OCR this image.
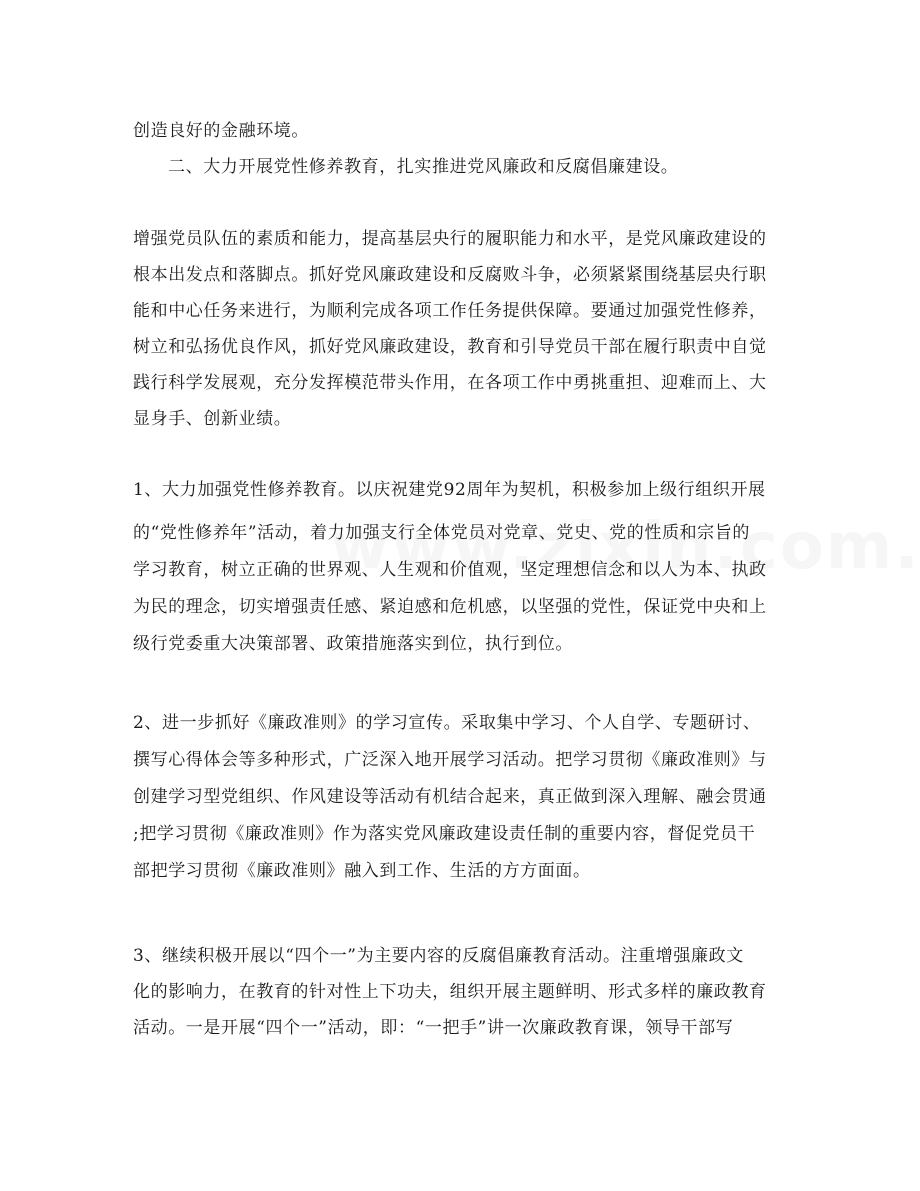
创造良好的金融环境。

二、大力开展党性修养教育，扎实推进党风廉政和反腐倡廉建设。

增强党员队伍的素质和能力，提高基层央行的履职能力和水平，是党风廉政建设的
根本出发点和落脚点。抓好党风廉政建设和反腐败斗争，必须紧紧围绕基层央行职
能和中心任务来进行，为顺利完成各项工作任务提供保障。要通过加强党性修养，
树立和弘扬优良作风，抓好党风廉政建设，教育和引导党员干部在履行职责中自觉
践行科学发展观，充分发挥模范带头作用，在各项工作中勇挑重担、迎难而上、大
显身手、创新业绩。

1、大力加强党性修养教育。以庆祝建党92周年为契机，积极参加上级行组织开展
的“党性修养年”活动，着力加强支行全体党员对党章、党史、党的性质和宗旨的
学习教育，树立正确的世界观、人生观和价值观，坚定理想信念和以人为本、执政
为民的理念，切实增强责任感、紧迫感和危机感，以坚强的党性，保证党中央和上
级行党委重大决策部署、政策措施落实到位，执行到位。

2、进一步抓好《廉政准则》的学习宣传。采取集中学习、个人自学、专题研讨、
撰写心得体会等多种形式，广泛深入地开展学习活动。把学习贯彻《廉政准则》与
创建学习型党组织、作风建设等活动有机结合起来，真正做到深入理解、融会贯通
;把学习贯彻《廉政准则》作为落实党风廉政建设责任制的重要内容，督促党员干
部把学习贯彻《廉政准则》融入到工作、生活的方方面面。

3、继续积极开展以“四个一”为主要内容的反腐倡廉教育活动。注重增强廉政文
化的影响力，在教育的针对性上下功夫，组织开展主题鲜明、形式多样的廉政教育
活动。一是开展“四个一”活动，即：“一把手”讲一次廉政教育课，领导干部写
